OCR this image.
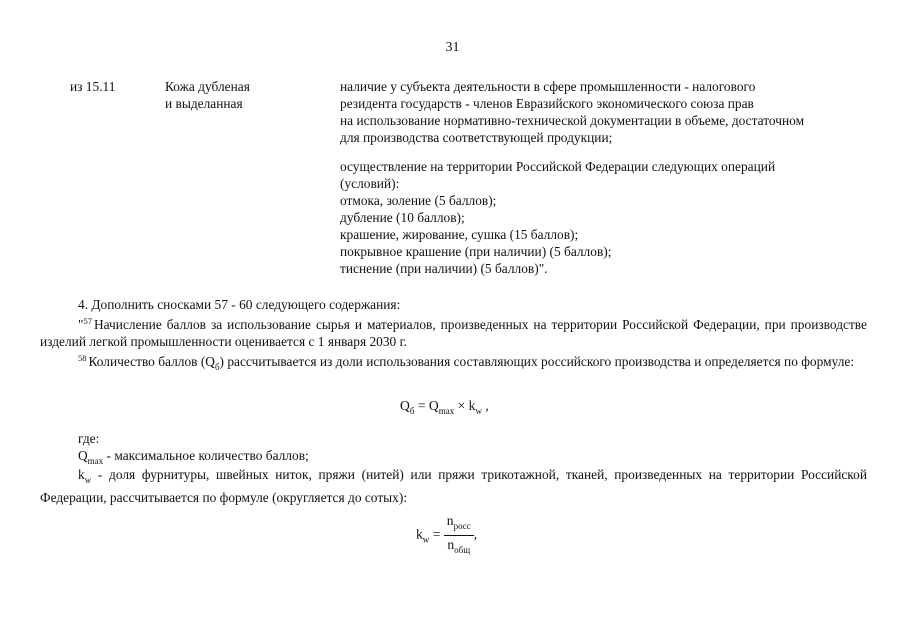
31
из 15.11	Кожа дубленая
и выделанная

наличие у субъекта деятельности в сфере промышленности - налогового

резидента государств - членов Евразийского экономического союза прав

на использование нормативно-технической документации в объеме, достаточном

для производства соответствующей продукции;

осуществление на территории Российской Федерации следующих операций

(условий):

отмока, золение (5 баллов);

дубление (10 баллов);

крашение, жирование, сушка (15 баллов);

покрывное крашение (при наличии) (5 баллов);

тиснение (при наличии) (5 баллов)".

4. Дополнить сносками 57 - 60 следующего содержания:
"$^{57}$ Начисление баллов за использование сырья и материалов, произведенных на территории Российской Федерации, при производстве изделий легкой промышленности оценивается с 1 января 2030 г.
$^{58}$ Количество баллов $(Q_б)$ рассчитывается из доли использования составляющих российского производства и определяется по формуле:
$Q_б = Q_{max} \times k_w$ ,
где:
$Q_{max}$ - максимальное количество баллов;
$k_w$ - доля фурнитуры, швейных ниток, пряжи (нитей) или пряжи трикотажной, тканей, произведенных на территории Российской Федерации, рассчитывается по формуле (округляется до сотых):
$k_w = \frac{n_{росс}}{n_{общ}}$ ,
